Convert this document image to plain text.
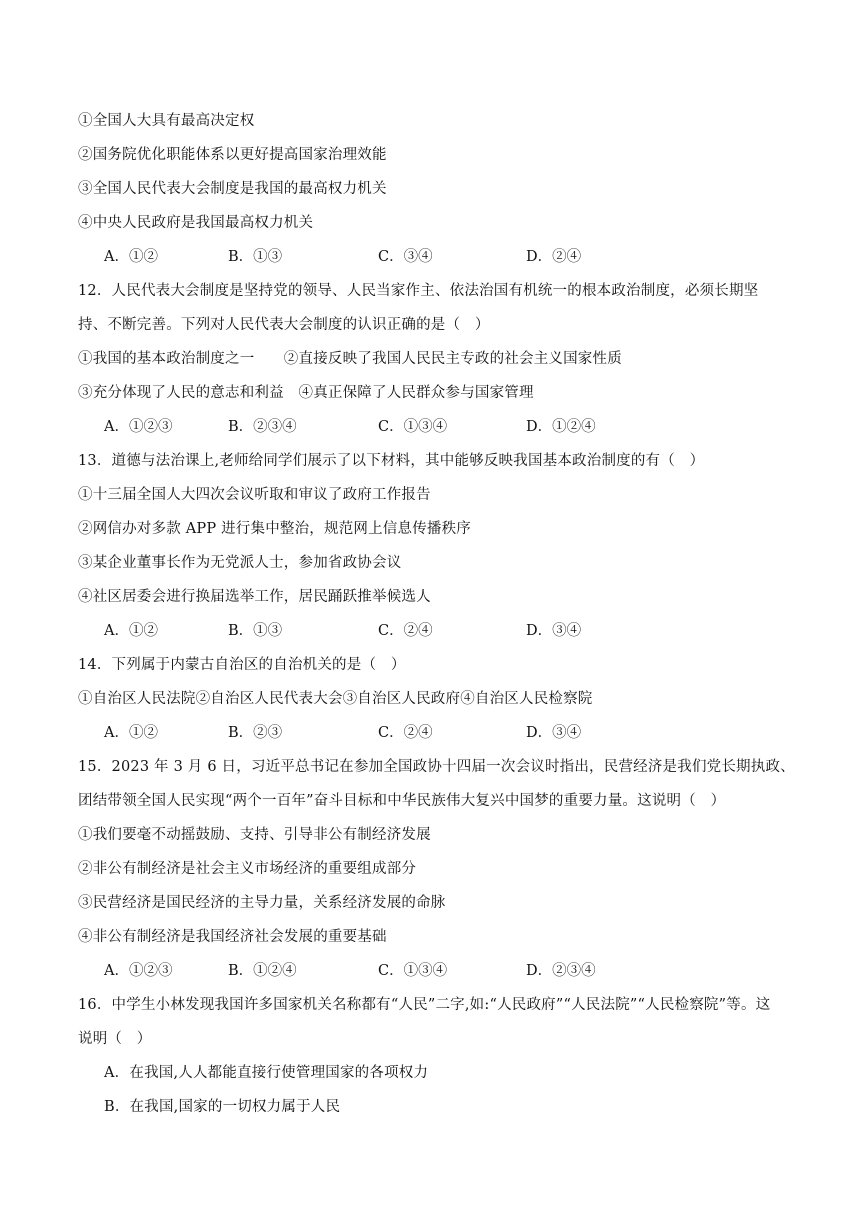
①全国人大具有最高决定权
②国务院优化职能体系以更好提高国家治理效能
③全国人民代表大会制度是我国的最高权力机关
④中央人民政府是我国最高权力机关
A．①②	B．①③	C．③④	D．②④
12．人民代表大会制度是坚持党的领导、人民当家作主、依法治国有机统一的根本政治制度，必须长期坚
持、不断完善。下列对人民代表大会制度的认识正确的是（　）
①我国的基本政治制度之一　　②直接反映了我国人民民主专政的社会主义国家性质
③充分体现了人民的意志和利益　④真正保障了人民群众参与国家管理
A．①②③	B．②③④	C．①③④	D．①②④
13．道德与法治课上,老师给同学们展示了以下材料，其中能够反映我国基本政治制度的有（　）
①十三届全国人大四次会议听取和审议了政府工作报告
②网信办对多款 APP 进行集中整治，规范网上信息传播秩序
③某企业董事长作为无党派人士，参加省政协会议
④社区居委会进行换届选举工作，居民踊跃推举候选人
A．①②	B．①③	C．②④	D．③④
14．下列属于内蒙古自治区的自治机关的是（　）
①自治区人民法院②自治区人民代表大会③自治区人民政府④自治区人民检察院
A．①②	B．②③	C．②④	D．③④
15．2023 年 3 月 6 日，习近平总书记在参加全国政协十四届一次会议时指出，民营经济是我们党长期执政、
团结带领全国人民实现“两个一百年”奋斗目标和中华民族伟大复兴中国梦的重要力量。这说明（　）
①我们要毫不动摇鼓励、支持、引导非公有制经济发展
②非公有制经济是社会主义市场经济的重要组成部分
③民营经济是国民经济的主导力量，关系经济发展的命脉
④非公有制经济是我国经济社会发展的重要基础
A．①②③	B．①②④	C．①③④	D．②③④
16．中学生小林发现我国许多国家机关名称都有“人民”二字,如:“人民政府”“人民法院”“人民检察院”等。这
说明（　）
A．在我国,人人都能直接行使管理国家的各项权力
B．在我国,国家的一切权力属于人民
